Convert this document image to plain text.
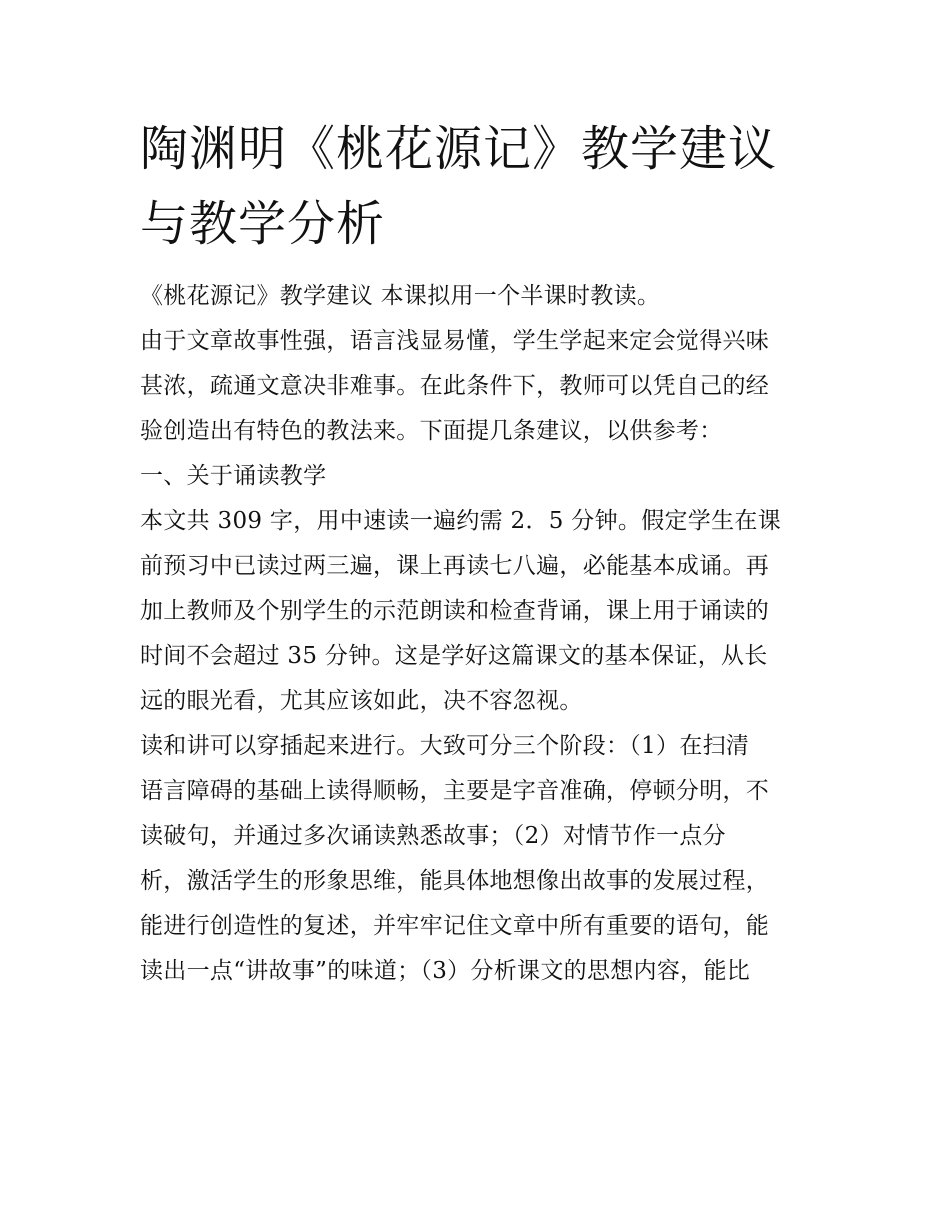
陶渊明《桃花源记》教学建议
与教学分析

《桃花源记》教学建议 本课拟用一个半课时教读。

由于文章故事性强，语言浅显易懂，学生学起来定会觉得兴味
甚浓，疏通文意决非难事。在此条件下，教师可以凭自己的经
验创造出有特色的教法来。下面提几条建议，以供参考：

一、关于诵读教学

本文共 309 字，用中速读一遍约需 2．5 分钟。假定学生在课
前预习中已读过两三遍，课上再读七八遍，必能基本成诵。再
加上教师及个别学生的示范朗读和检查背诵，课上用于诵读的
时间不会超过 35 分钟。这是学好这篇课文的基本保证，从长
远的眼光看，尤其应该如此，决不容忽视。

读和讲可以穿插起来进行。大致可分三个阶段：（1）在扫清
语言障碍的基础上读得顺畅，主要是字音准确，停顿分明，不
读破句，并通过多次诵读熟悉故事；（2）对情节作一点分
析，激活学生的形象思维，能具体地想像出故事的发展过程，
能进行创造性的复述，并牢牢记住文章中所有重要的语句，能
读出一点“讲故事”的味道；（3）分析课文的思想内容，能比
